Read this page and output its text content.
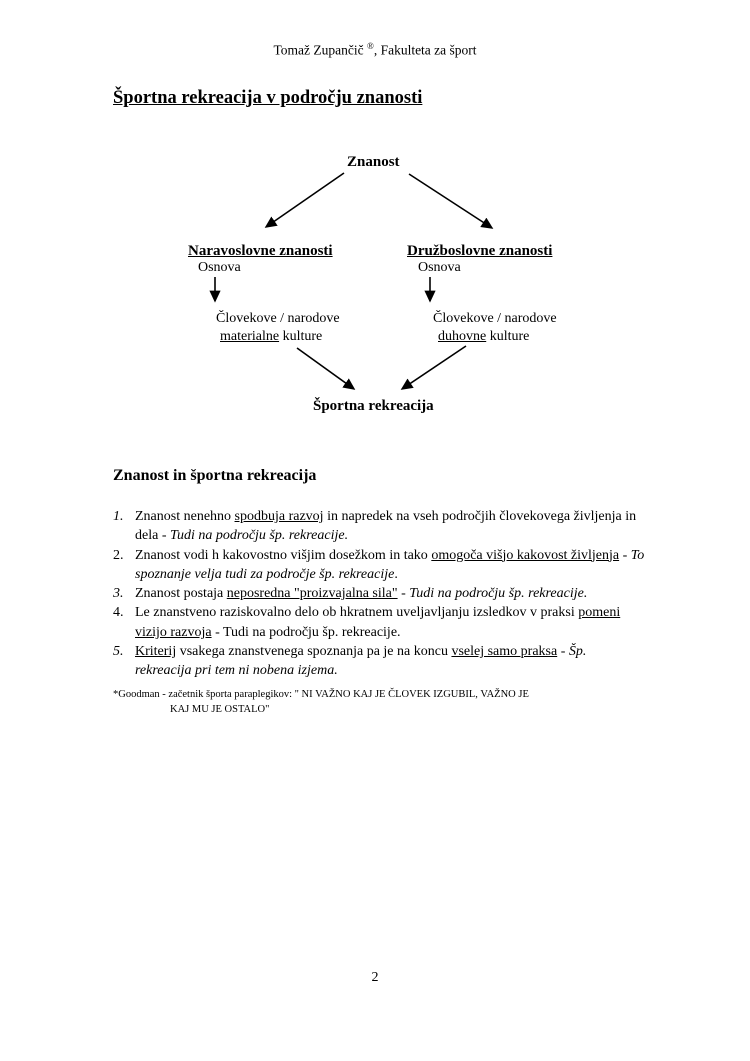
Tomaž Zupančič ®, Fakulteta za šport
Športna rekreacija v področju znanosti
Znanost
Naravoslovne znanosti
Osnova
Človekove / narodove
materialne kulture
Družboslovne znanosti
Osnova
Človekove / narodove
duhovne kulture
Športna rekreacija
Znanost in športna rekreacija
1. Znanost nenehno spodbuja razvoj in napredek na vseh področjih človekovega življenja in dela - Tudi na področju šp. rekreacije.
2. Znanost vodi h kakovostno višjim dosežkom in tako omogoča višjo kakovost življenja - To spoznanje velja tudi za področje šp. rekreacije.
3. Znanost postaja neposredna "proizvajalna sila" - Tudi na področju šp. rekreacije.
4. Le znanstveno raziskovalno delo ob hkratnem uveljavljanju izsledkov v praksi pomeni vizijo razvoja - Tudi na področju šp. rekreacije.
5. Kriterij vsakega znanstvenega spoznanja pa je na koncu vselej samo praksa - Šp. rekreacija pri tem ni nobena izjema.
*Goodman - začetnik športa paraplegikov: " NI VAŽNO KAJ JE ČLOVEK IZGUBIL, VAŽNO JE
KAJ MU JE OSTALO"
2
